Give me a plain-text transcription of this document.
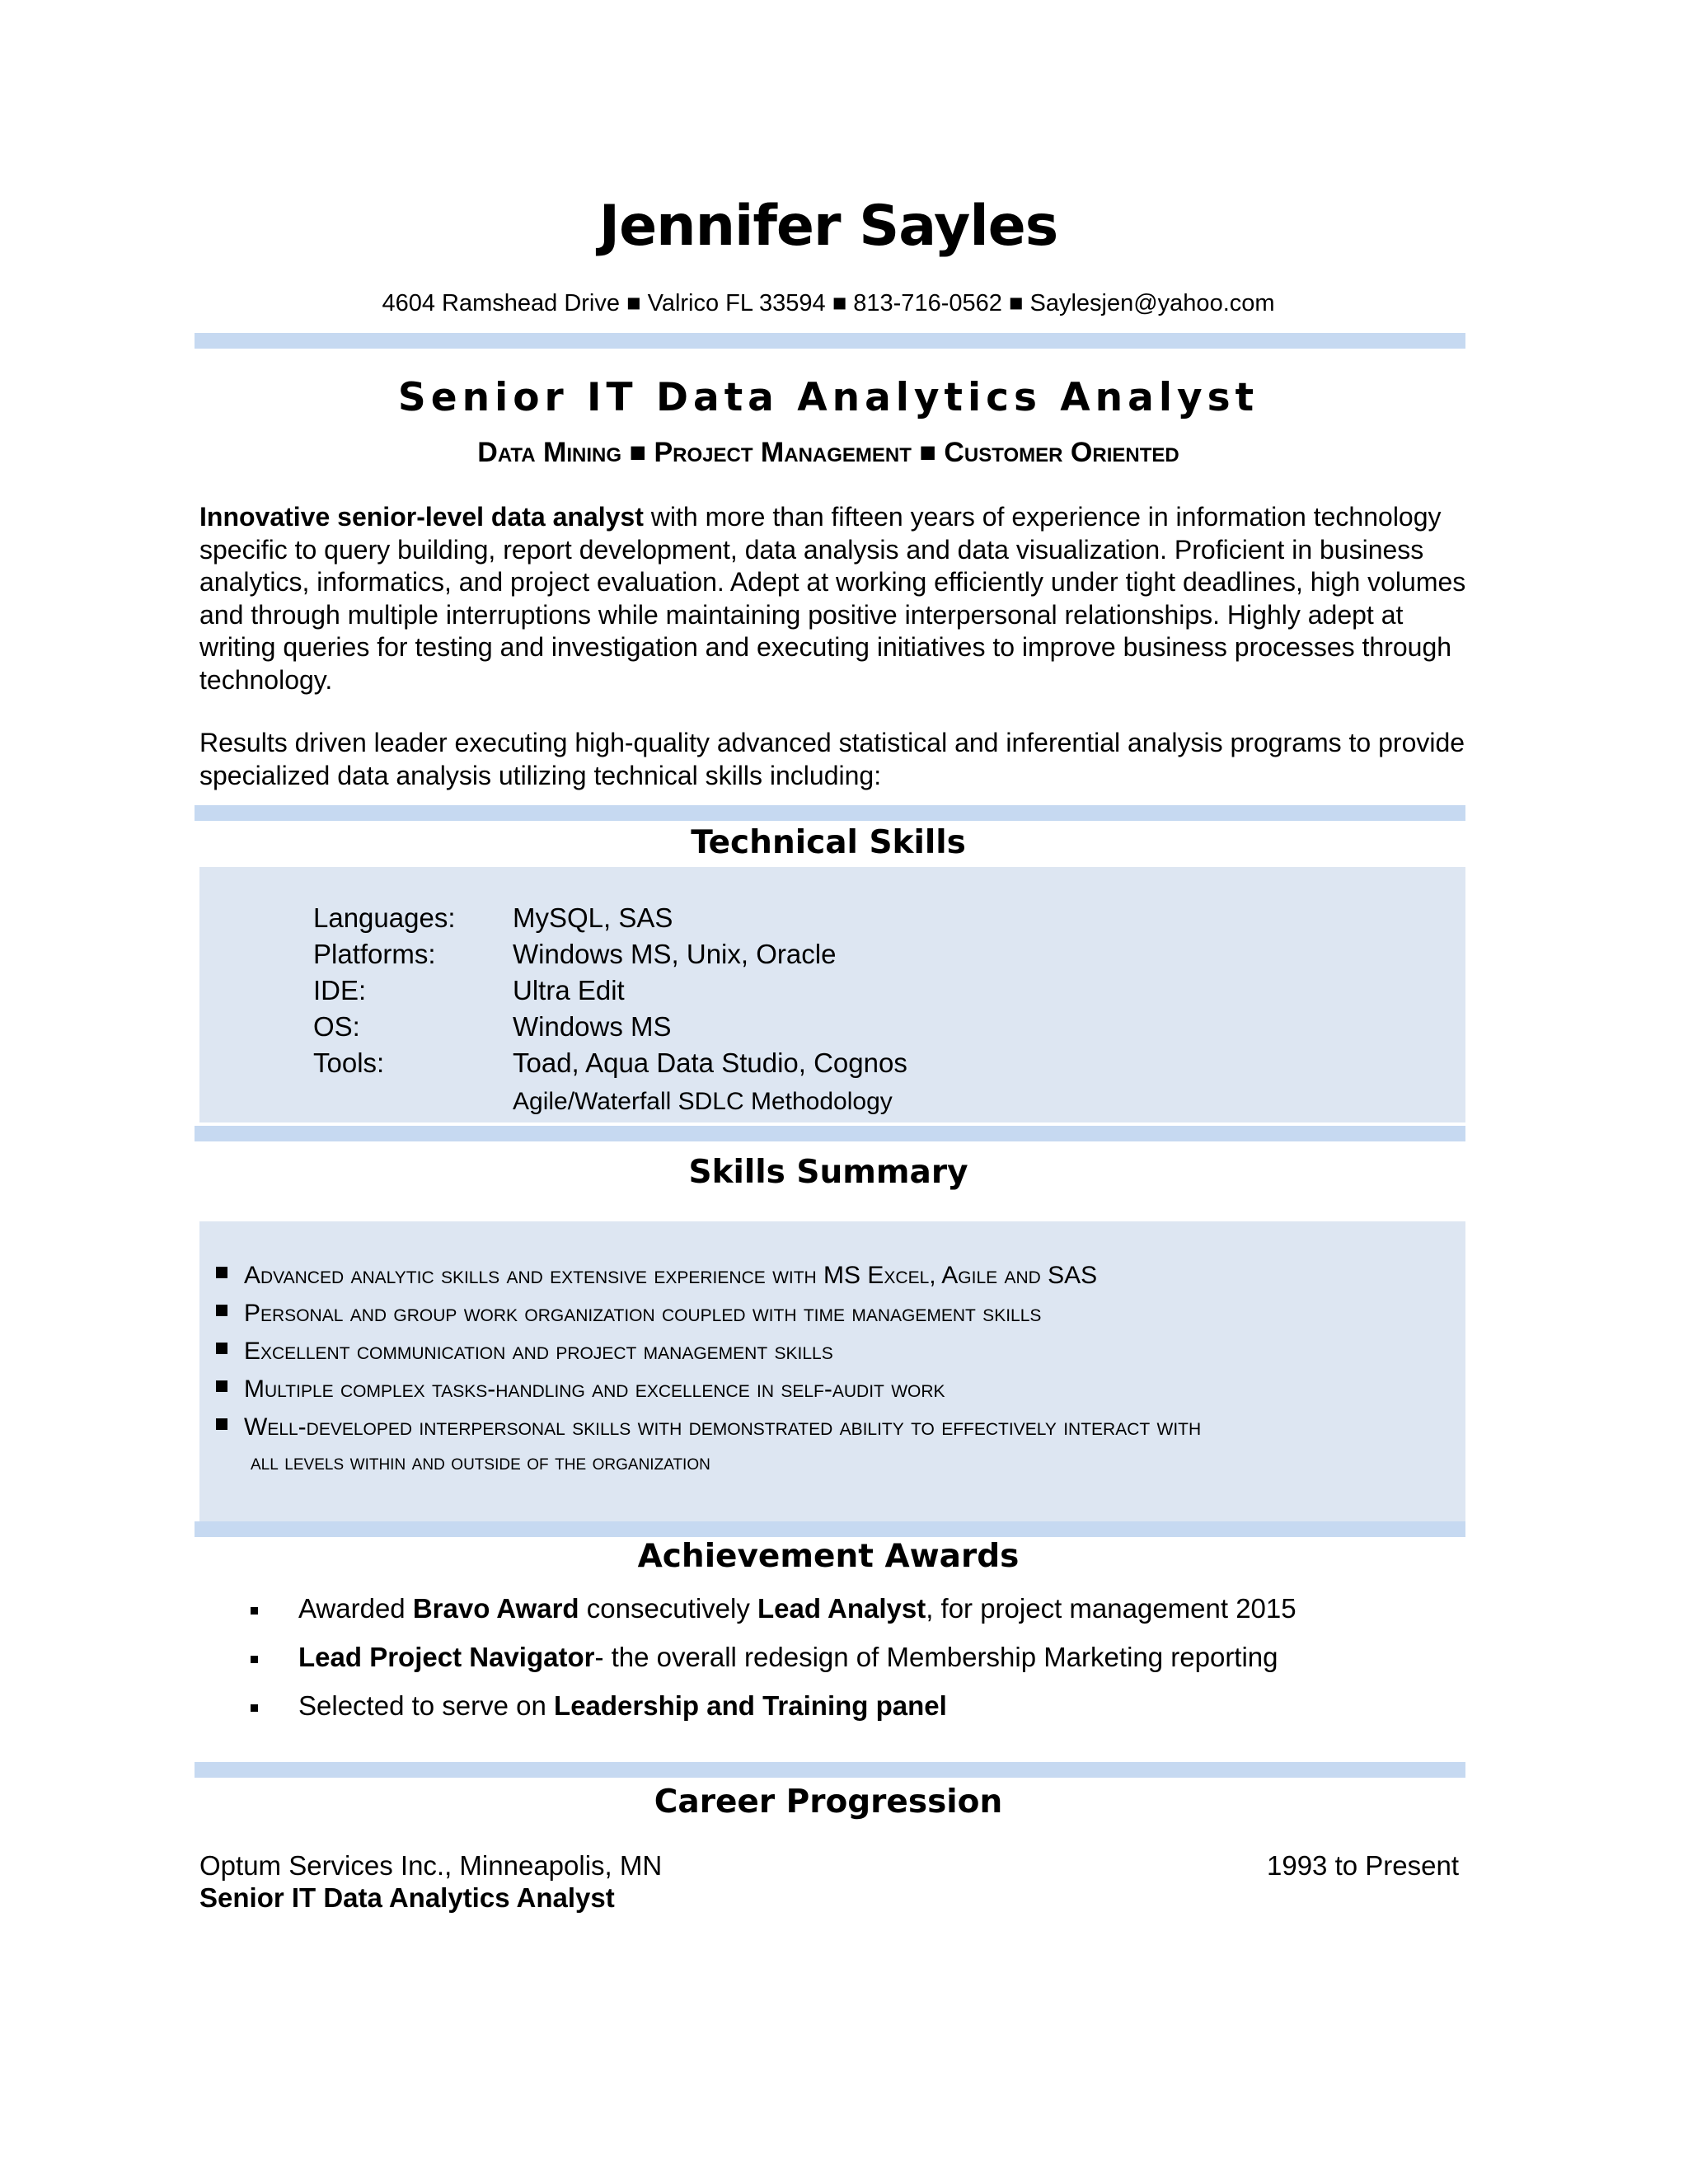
Jennifer Sayles
4604 Ramshead Drive ■ Valrico FL 33594 ■ 813-716-0562 ■ Saylesjen@yahoo.com
Senior IT Data Analytics Analyst
Data Mining ■ Project Management ■ Customer Oriented
Innovative senior-level data analyst with more than fifteen years of experience in information technology specific to query building, report development, data analysis and data visualization. Proficient in business analytics, informatics, and project evaluation. Adept at working efficiently under tight deadlines, high volumes and through multiple interruptions while maintaining positive interpersonal relationships. Highly adept at writing queries for testing and investigation and executing initiatives to improve business processes through technology.
Results driven leader executing high-quality advanced statistical and inferential analysis programs to provide specialized data analysis utilizing technical skills including:
Technical Skills
Languages:	MySQL, SAS
Platforms:	Windows MS, Unix, Oracle
IDE:	Ultra Edit
OS:	Windows MS
Tools:	Toad, Aqua Data Studio, Cognos
Agile/Waterfall SDLC Methodology
Skills Summary
Advanced analytic skills and extensive experience with MS Excel, Agile and SAS
Personal and group work organization coupled with time management skills
Excellent communication and project management skills
Multiple complex tasks-handling and excellence in self-audit work
Well-developed interpersonal skills with demonstrated ability to effectively interact with
all levels within and outside of the organization
Achievement Awards
Awarded Bravo Award consecutively Lead Analyst, for project management 2015
Lead Project Navigator- the overall redesign of Membership Marketing reporting
Selected to serve on Leadership and Training panel
Career Progression
Optum Services Inc., Minneapolis, MN	1993 to Present
Senior IT Data Analytics Analyst
